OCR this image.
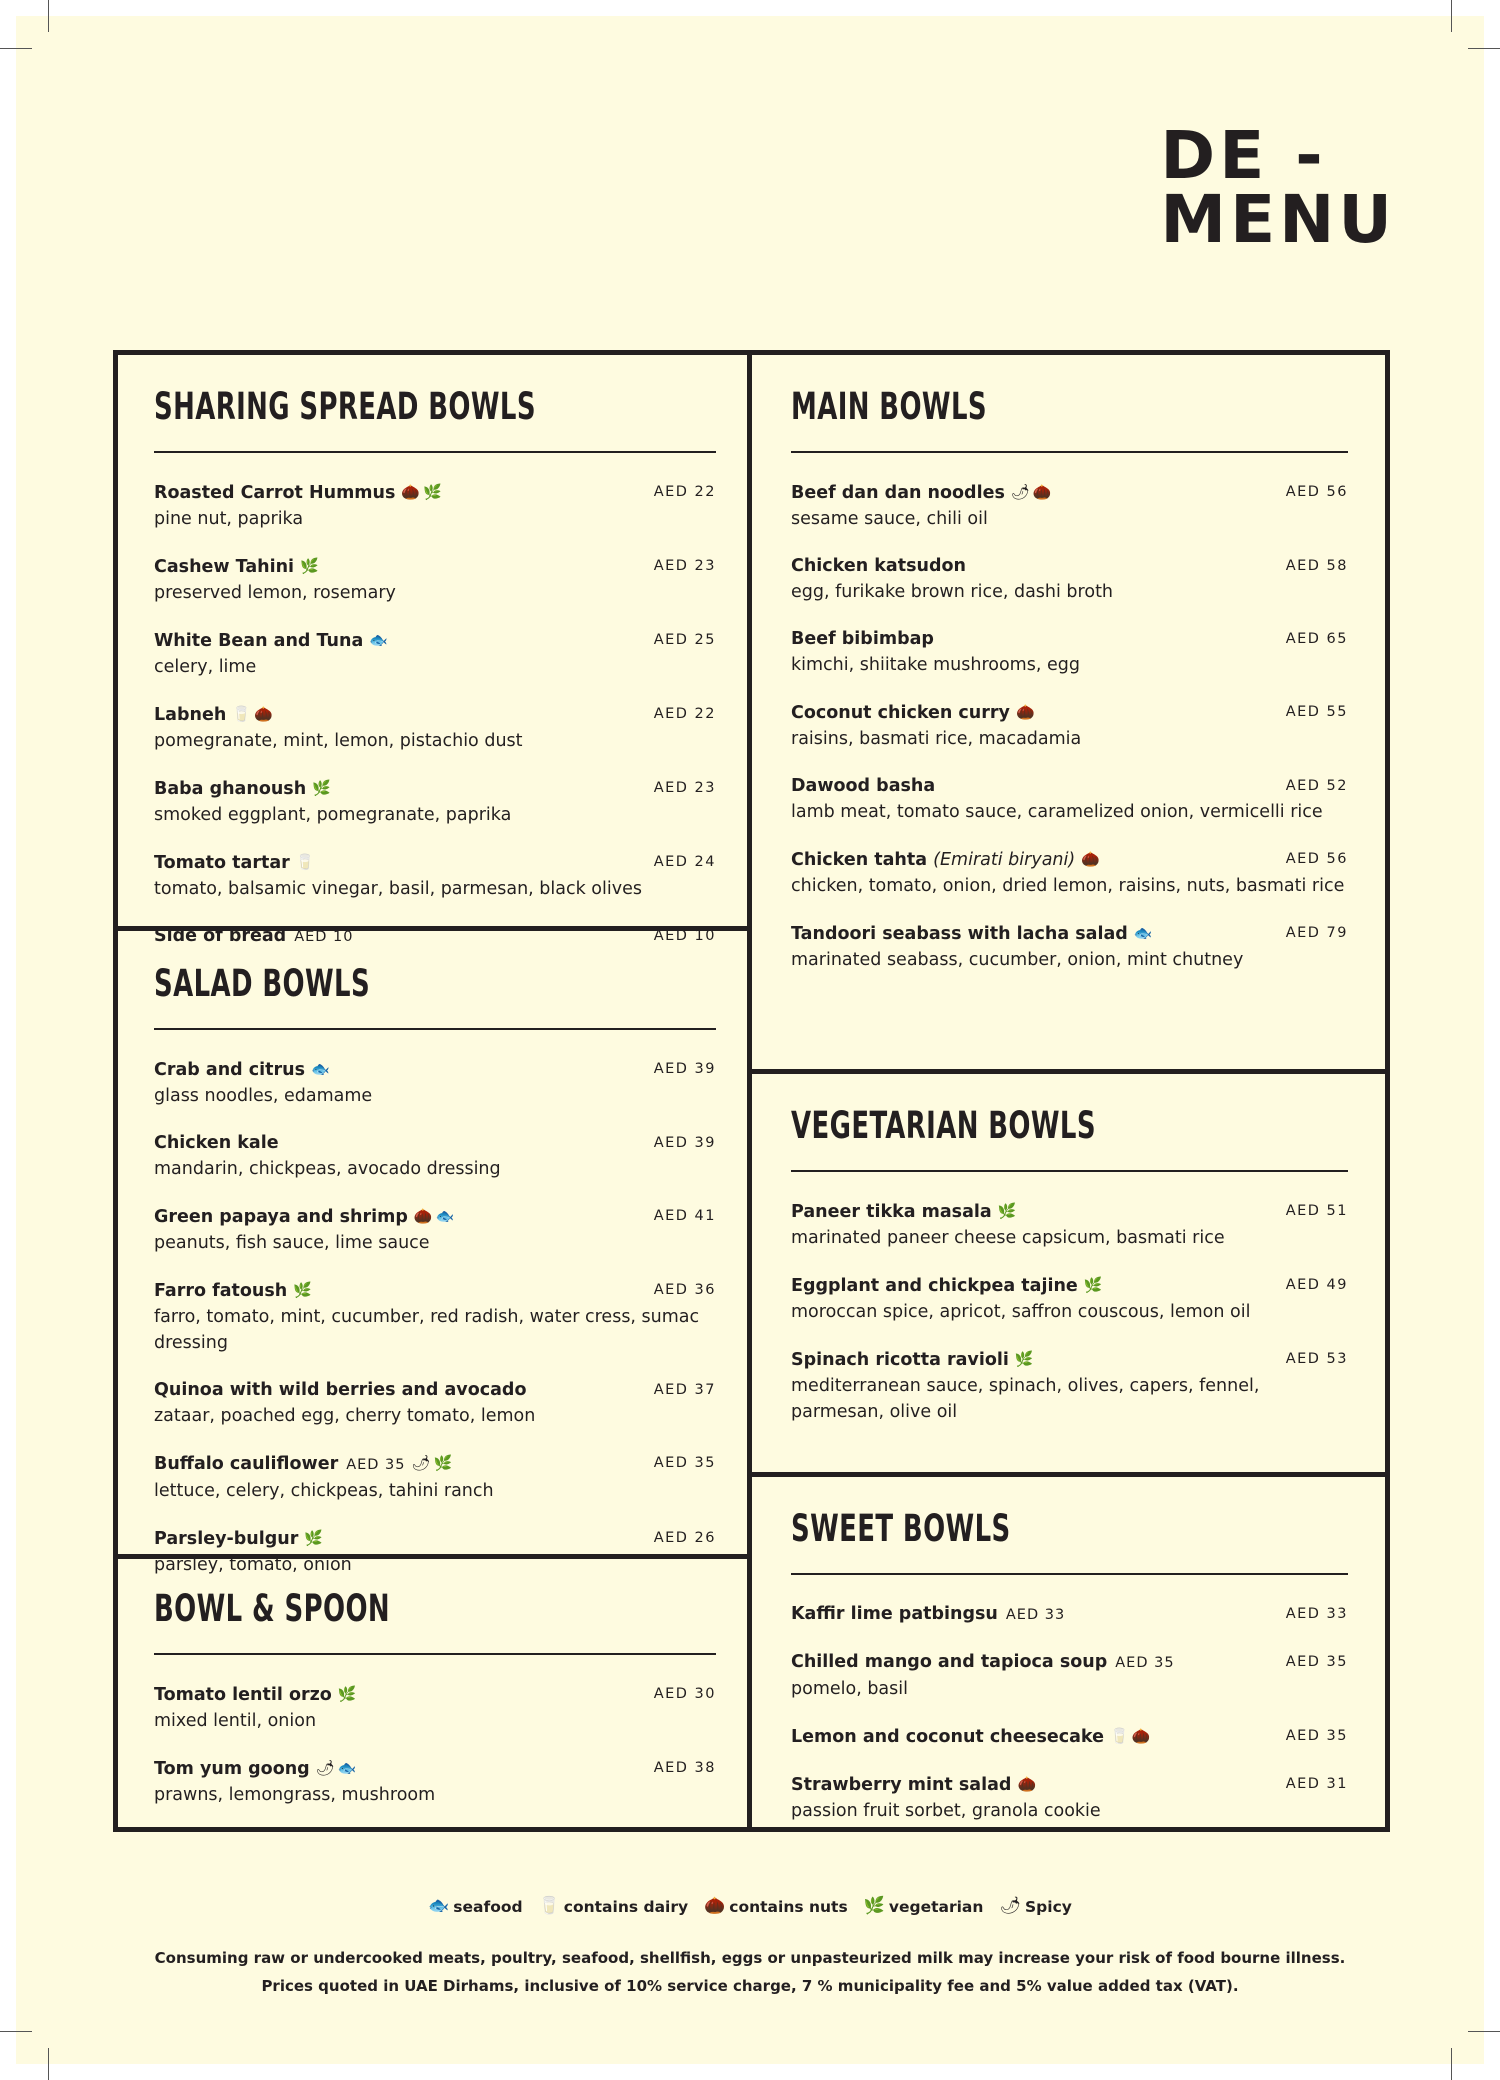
DE -
MENU
SHARING SPREAD BOWLS
Roasted Carrot Hummus 🌰 🌿
pine nut, paprika
AED 22
Cashew Tahini 🌿
preserved lemon, rosemary
AED 23
White Bean and Tuna 🐟
celery, lime
AED 25
Labneh 🥛 🌰
pomegranate, mint, lemon, pistachio dust
AED 22
Baba ghanoush 🌿
smoked eggplant, pomegranate, paprika
AED 23
Tomato tartar 🥛
tomato, balsamic vinegar, basil, parmesan, black olives
AED 24
Side of bread AED 10	AED 10
SALAD BOWLS
Crab and citrus 🐟
glass noodles, edamame
AED 39
Chicken kale
mandarin, chickpeas, avocado dressing
AED 39
Green papaya and shrimp 🌰 🐟
peanuts, fish sauce, lime sauce
AED 41
Farro fatoush 🌿
farro, tomato, mint, cucumber, red radish, water cress, sumac dressing
AED 36
Quinoa with wild berries and avocado
zataar, poached egg, cherry tomato, lemon
AED 37
Buffalo cauliflower AED 35 🌶 🌿
lettuce, celery, chickpeas, tahini ranch
AED 35
Parsley-bulgur 🌿
parsley, tomato, onion
AED 26
BOWL & SPOON
Tomato lentil orzo 🌿
mixed lentil, onion
AED 30
Tom yum goong 🌶 🐟
prawns, lemongrass, mushroom
AED 38
MAIN BOWLS
Beef dan dan noodles 🌶 🌰
sesame sauce, chili oil
AED 56
Chicken katsudon
egg, furikake brown rice, dashi broth
AED 58
Beef bibimbap
kimchi, shiitake mushrooms, egg
AED 65
Coconut chicken curry 🌰
raisins, basmati rice, macadamia
AED 55
Dawood basha
lamb meat, tomato sauce, caramelized onion, vermicelli rice
AED 52
Chicken tahta (Emirati biryani) 🌰
chicken, tomato, onion, dried lemon, raisins, nuts, basmati rice
AED 56
Tandoori seabass with lacha salad 🐟
marinated seabass, cucumber, onion, mint chutney
AED 79
VEGETARIAN BOWLS
Paneer tikka masala 🌿
marinated paneer cheese capsicum, basmati rice
AED 51
Eggplant and chickpea tajine 🌿
moroccan spice, apricot, saffron couscous, lemon oil
AED 49
Spinach ricotta ravioli 🌿
mediterranean sauce, spinach, olives, capers, fennel, parmesan, olive oil
AED 53
SWEET BOWLS
Kaffir lime patbingsu AED 33	AED 33
Chilled mango and tapioca soup AED 35
pomelo, basil
AED 35
Lemon and coconut cheesecake 🥛 🌰	AED 35
Strawberry mint salad 🌰
passion fruit sorbet, granola cookie
AED 31
🐟 seafood 🥛 contains dairy 🌰 contains nuts 🌿 vegetarian 🌶 Spicy
Consuming raw or undercooked meats, poultry, seafood, shellfish, eggs or unpasteurized milk may increase your risk of food bourne illness.
Prices quoted in UAE Dirhams, inclusive of 10% service charge, 7 % municipality fee and 5% value added tax (VAT).
